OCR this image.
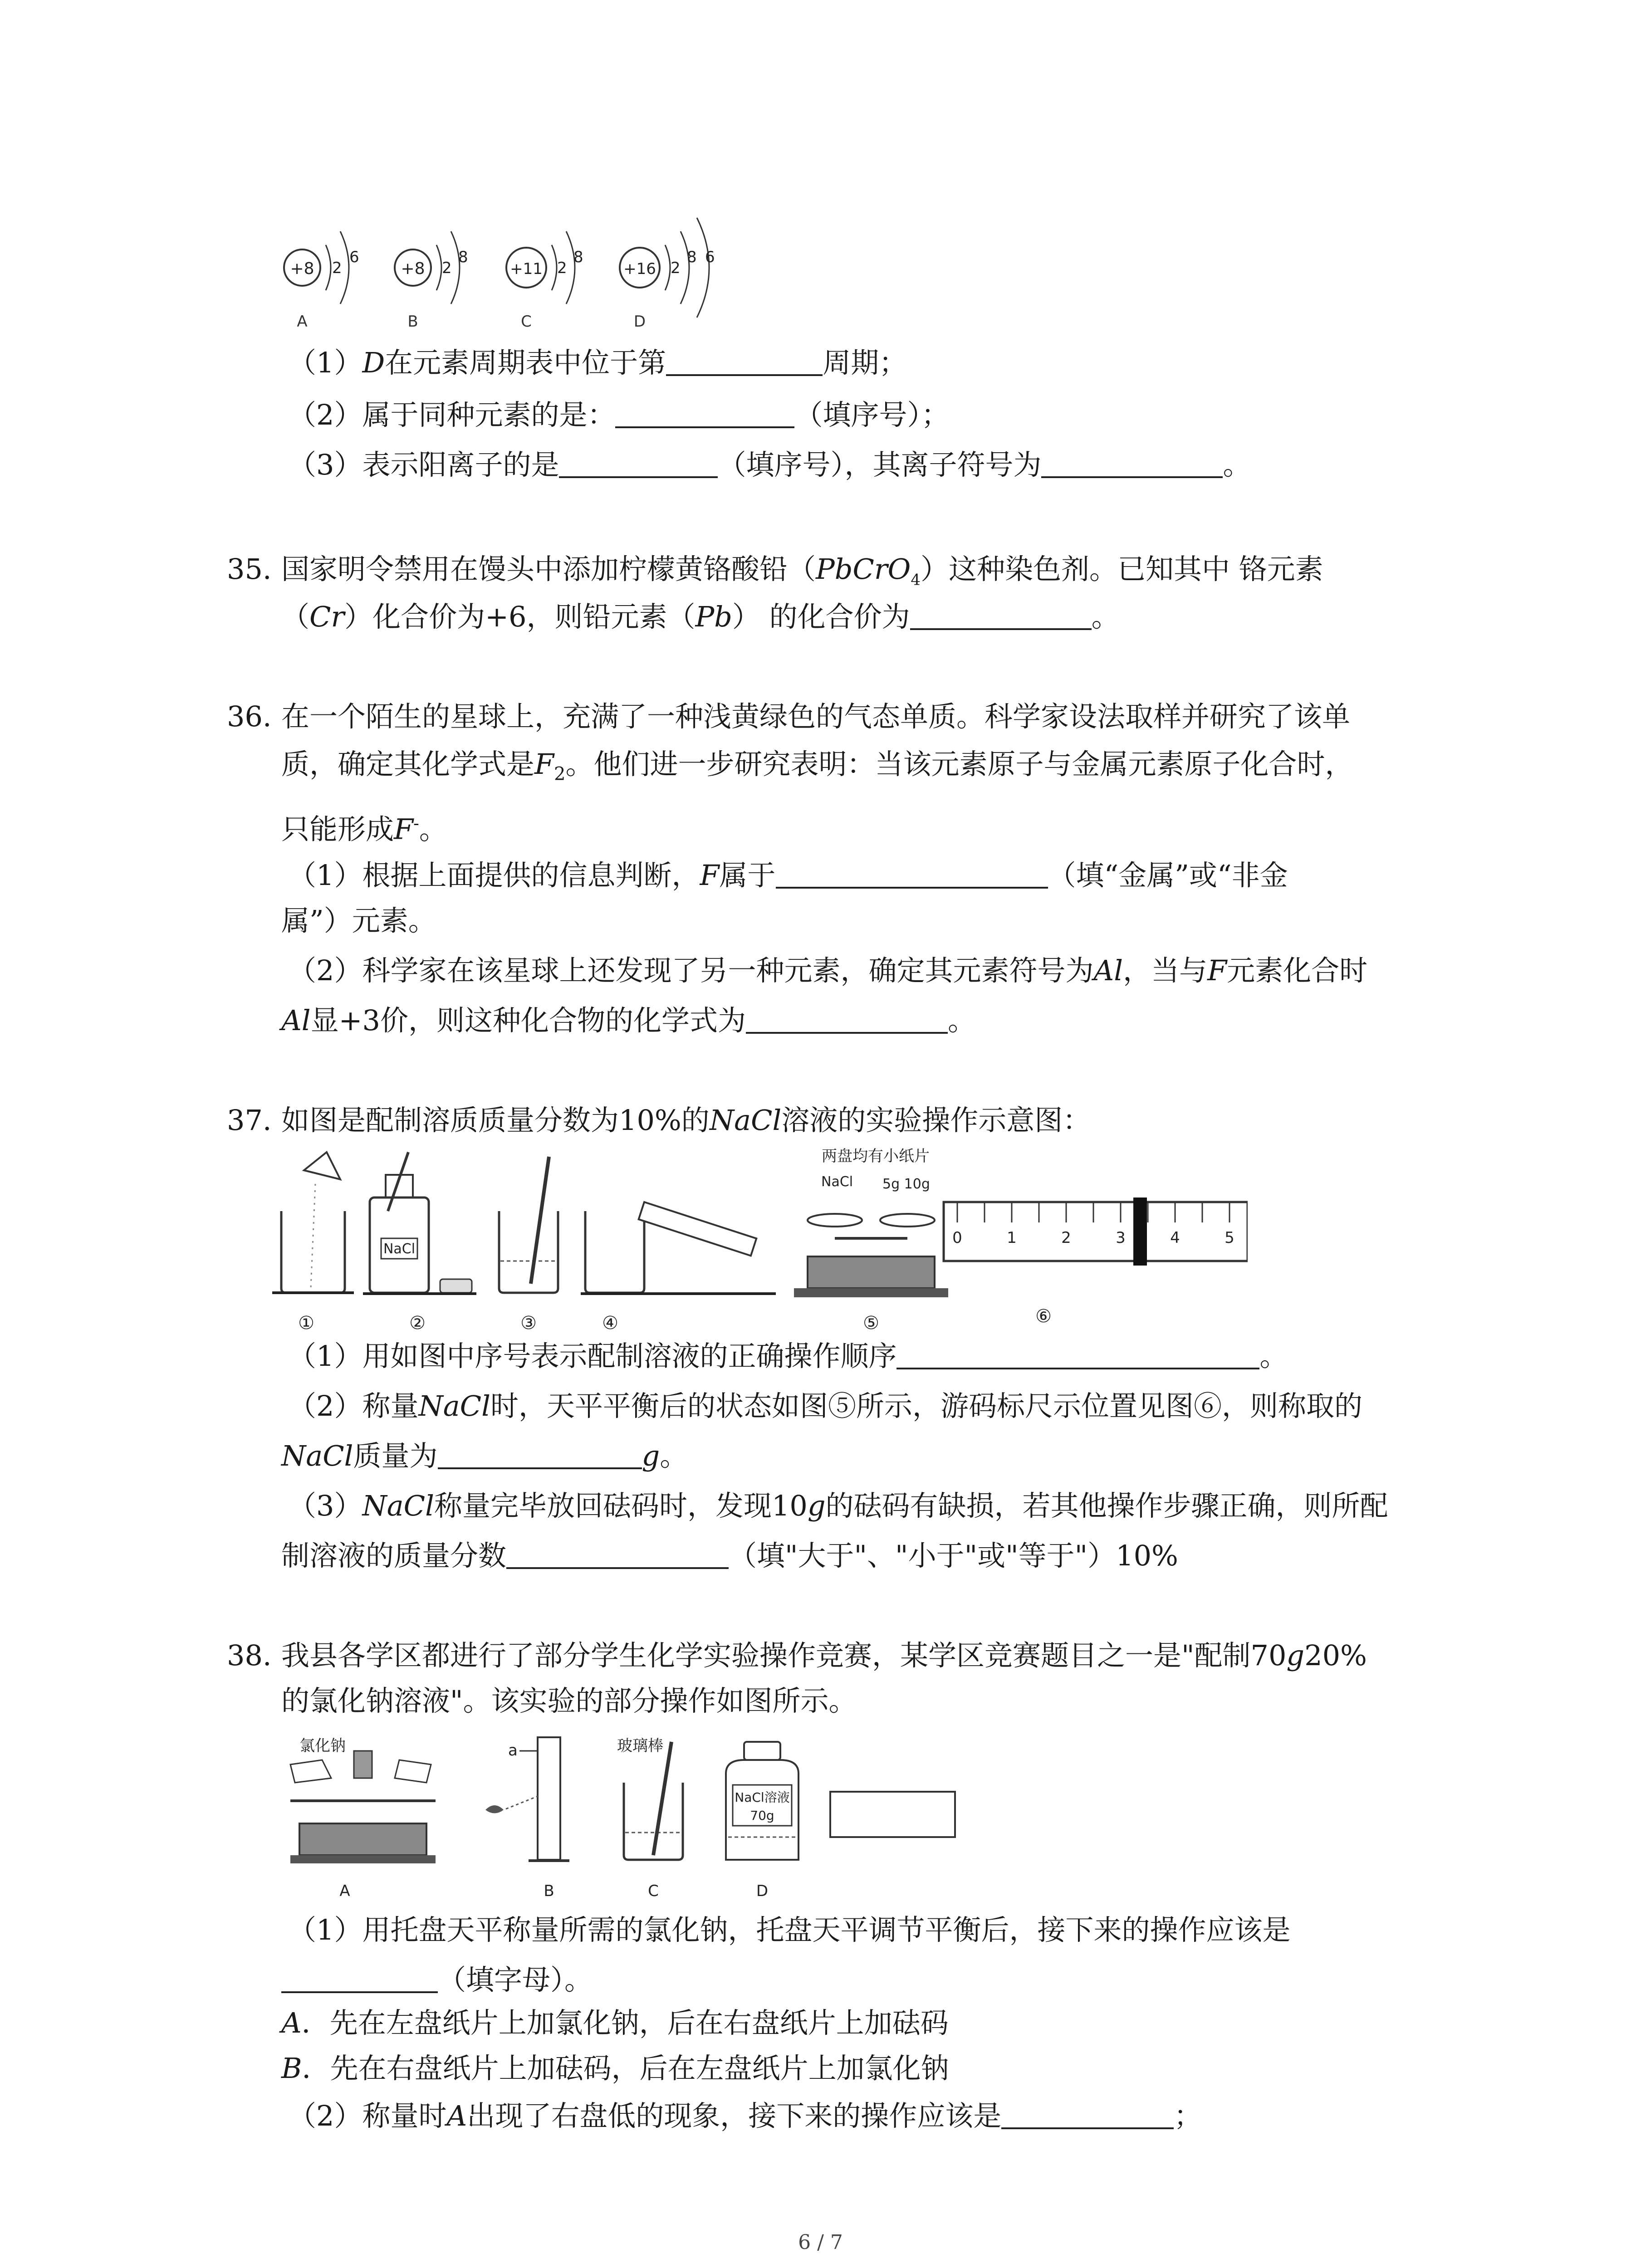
+8 2
6
A
+8 2
8
B
+11 2
8
C
+16 2
8 6
D
（1）D在元素周期表中位于第	周期；
（2）属于同种元素的是：	（填序号）；
（3）表示阳离子的是	（填序号），其离子符号为	。
35. 国家明令禁用在馒头中添加柠檬黄铬酸铅（PbCrO$_4$）这种染色剂。已知其中 铬元素
（Cr）化合价为+6，则铅元素（Pb） 的化合价为	。
36. 在一个陌生的星球上，充满了一种浅黄绿色的气态单质。科学家设法取样并研究了该单
质，确定其化学式是$F_2$。他们进一步研究表明：当该元素原子与金属元素原子化合时，
只能形成F-。
（1）根据上面提供的信息判断，F属于	（填“金属”或“非金
属”）元素。
（2）科学家在该星球上还发现了另一种元素，确定其元素符号为Al，当与F元素化合时
Al显+3价，则这种化合物的化学式为	。
37. 如图是配制溶质质量分数为10%的NaCl溶液的实验操作示意图：
NaCl
两盘均有小纸片
NaCl 5g 10g
0	1	2	3	4	5
①	②	③	④	⑤	⑥
（1）用如图中序号表示配制溶液的正确操作顺序	。
（2）称量NaCl时，天平平衡后的状态如图⑤所示，游码标尺示位置见图⑥，则称取的
NaCl质量为	g。
（3）NaCl称量完毕放回砝码时，发现10g的砝码有缺损，若其他操作步骤正确，则所配
制溶液的质量分数	（填"大于"、"小于"或"等于"）10%
38. 我县各学区都进行了部分学生化学实验操作竞赛，某学区竞赛题目之一是"配制70g20%
的氯化钠溶液"。该实验的部分操作如图所示。
氯化钠	a	玻璃棒
NaCl溶液
70g
A	B	C	D
（1）用托盘天平称量所需的氯化钠，托盘天平调节平衡后，接下来的操作应该是
（填字母）。
A．先在左盘纸片上加氯化钠，后在右盘纸片上加砝码
B．先在右盘纸片上加砝码，后在左盘纸片上加氯化钠
（2）称量时A出现了右盘低的现象，接下来的操作应该是	；
6 / 7
